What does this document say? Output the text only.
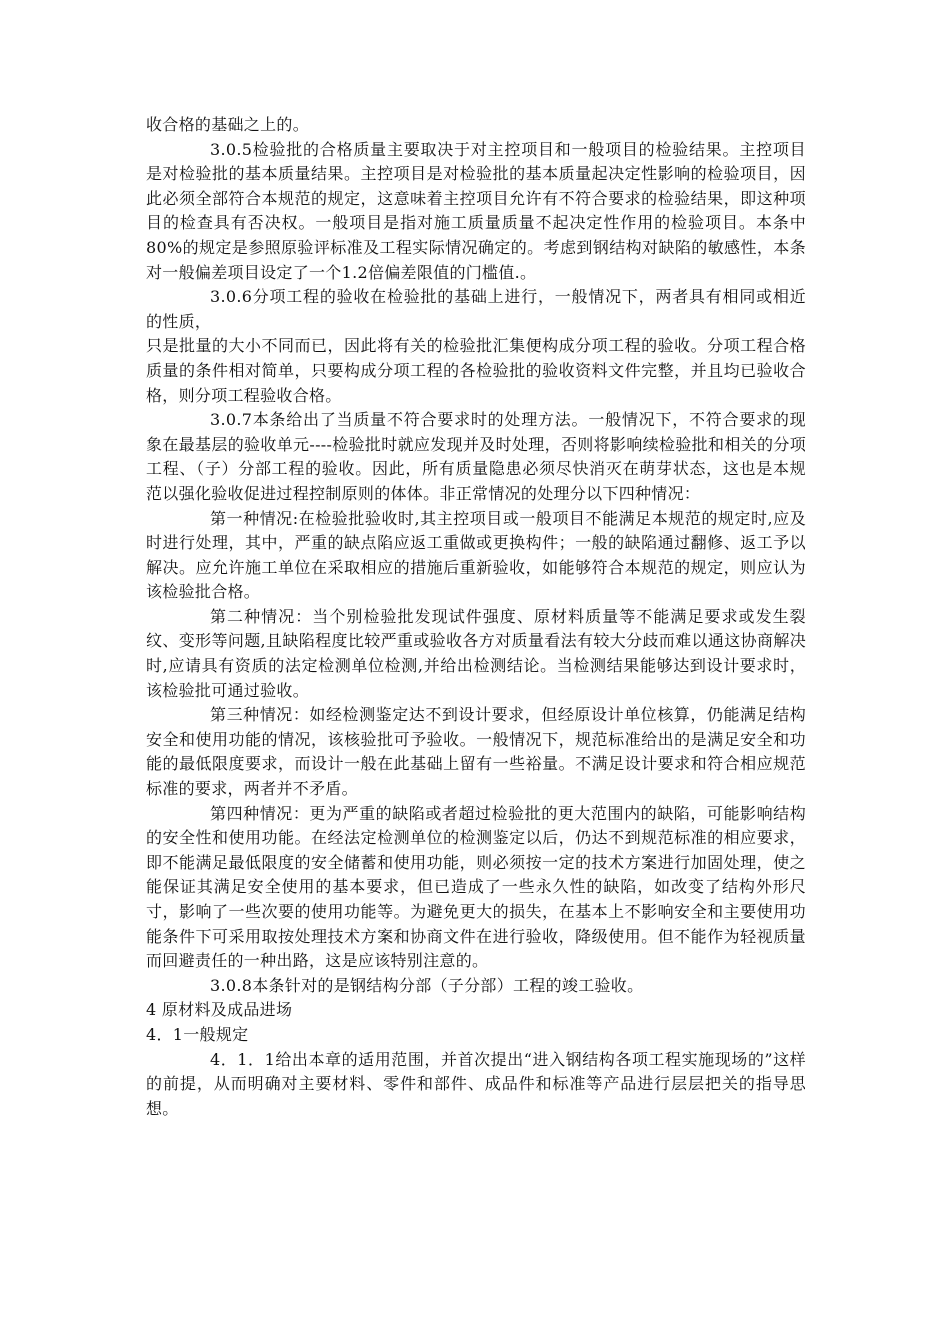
收合格的基础之上的。

3.0.5检验批的合格质量主要取决于对主控项目和一般项目的检验结果。主控项目是对检验批的基本质量结果。主控项目是对检验批的基本质量起决定性影响的检验项目，因此必须全部符合本规范的规定，这意味着主控项目允许有不符合要求的检验结果，即这种项目的检查具有否决权。一般项目是指对施工质量质量不起决定性作用的检验项目。本条中80%的规定是参照原验评标准及工程实际情况确定的。考虑到钢结构对缺陷的敏感性，本条对一般偏差项目设定了一个1.2倍偏差限值的门槛值.。

3.0.6分项工程的验收在检验批的基础上进行，一般情况下，两者具有相同或相近的性质，

只是批量的大小不同而已，因此将有关的检验批汇集便构成分项工程的验收。分项工程合格质量的条件相对简单，只要构成分项工程的各检验批的验收资料文件完整，并且均已验收合格，则分项工程验收合格。

3.0.7本条给出了当质量不符合要求时的处理方法。一般情况下，不符合要求的现象在最基层的验收单元----检验批时就应发现并及时处理，否则将影响续检验批和相关的分项工程、（子）分部工程的验收。因此，所有质量隐患必须尽快消灭在萌芽状态，这也是本规范以强化验收促进过程控制原则的体体。非正常情况的处理分以下四种情况：

第一种情况:在检验批验收时,其主控项目或一般项目不能满足本规范的规定时,应及时进行处理，其中，严重的缺点陷应返工重做或更换构件；一般的缺陷通过翻修、返工予以解决。应允许施工单位在采取相应的措施后重新验收，如能够符合本规范的规定，则应认为该检验批合格。

第二种情况：当个别检验批发现试件强度、原材料质量等不能满足要求或发生裂纹、变形等问题,且缺陷程度比较严重或验收各方对质量看法有较大分歧而难以通这协商解决时,应请具有资质的法定检测单位检测,并给出检测结论。当检测结果能够达到设计要求时，该检验批可通过验收。

第三种情况：如经检测鉴定达不到设计要求，但经原设计单位核算，仍能满足结构安全和使用功能的情况，该核验批可予验收。一般情况下，规范标准给出的是满足安全和功能的最低限度要求，而设计一般在此基础上留有一些裕量。不满足设计要求和符合相应规范标准的要求，两者并不矛盾。

第四种情况：更为严重的缺陷或者超过检验批的更大范围内的缺陷，可能影响结构的安全性和使用功能。在经法定检测单位的检测鉴定以后，仍达不到规范标准的相应要求，即不能满足最低限度的安全储蓄和使用功能，则必须按一定的技术方案进行加固处理，使之能保证其满足安全使用的基本要求，但已造成了一些永久性的缺陷，如改变了结构外形尺寸，影响了一些次要的使用功能等。为避免更大的损失，在基本上不影响安全和主要使用功能条件下可采用取按处理技术方案和协商文件在进行验收，降级使用。但不能作为轻视质量而回避责任的一种出路，这是应该特别注意的。

3.0.8本条针对的是钢结构分部（子分部）工程的竣工验收。

4 原材料及成品进场

4．1一般规定

4．1．1给出本章的适用范围，并首次提出“进入钢结构各项工程实施现场的”这样的前提，从而明确对主要材料、零件和部件、成品件和标准等产品进行层层把关的指导思想。
